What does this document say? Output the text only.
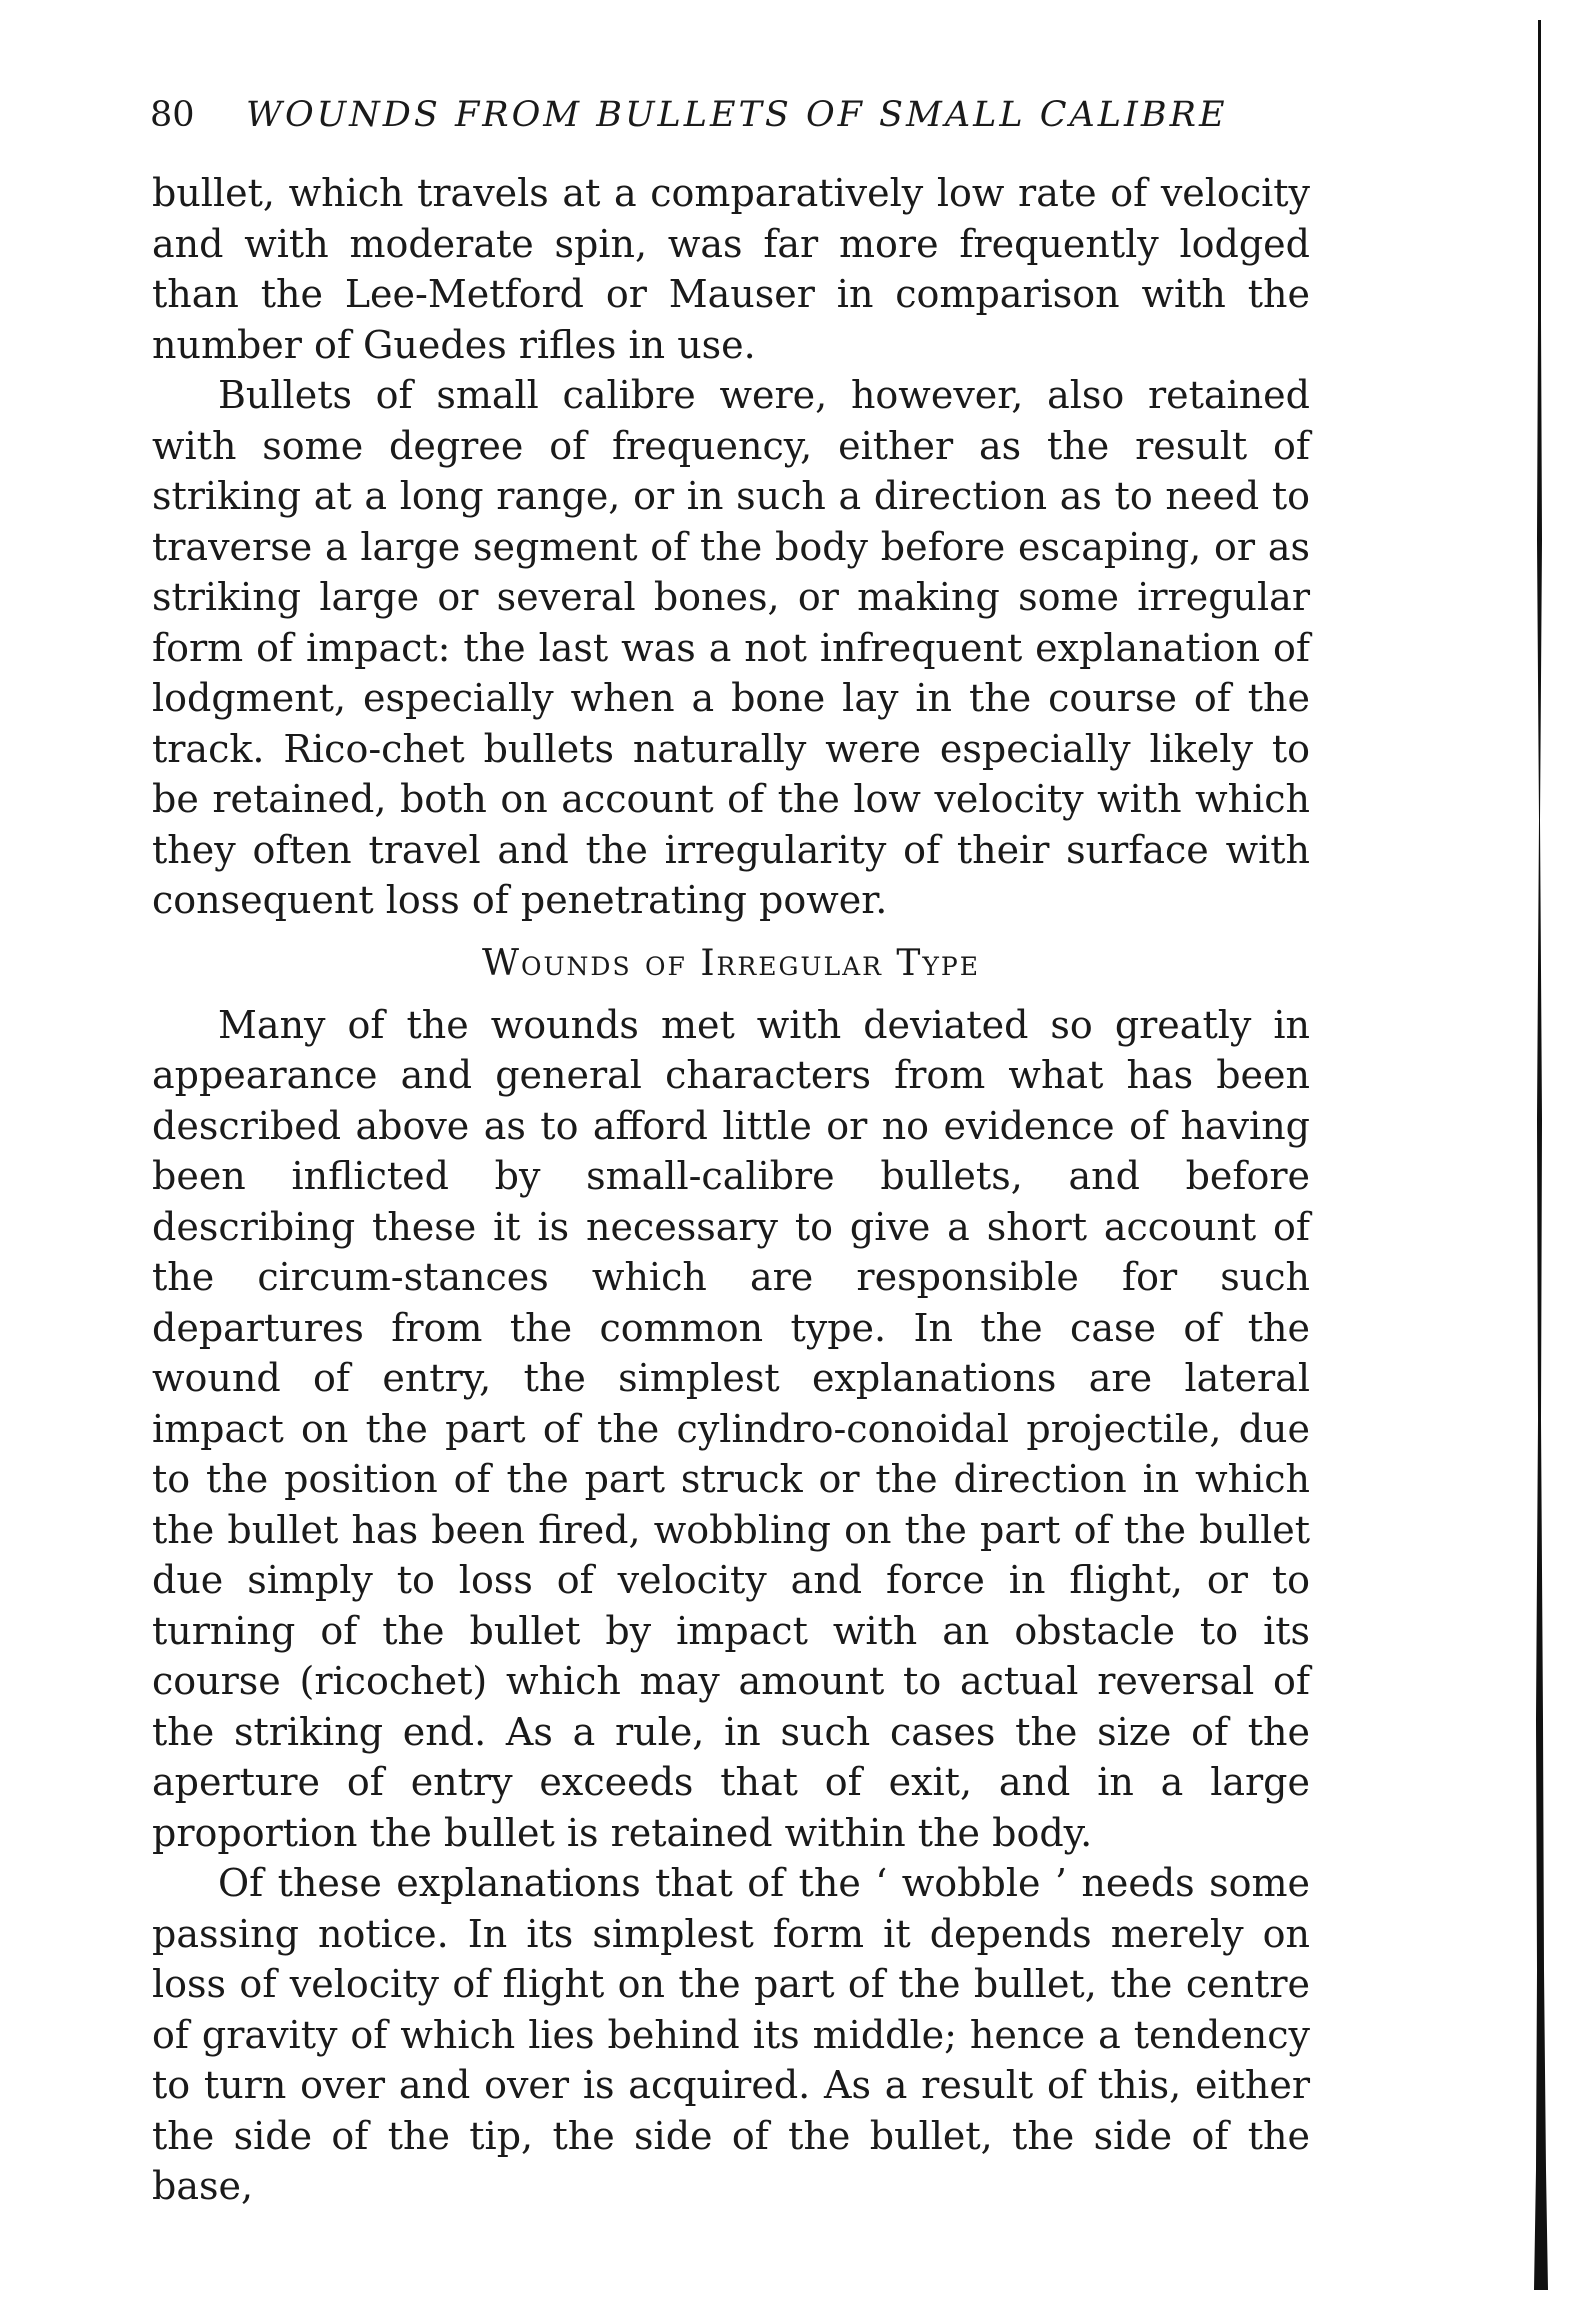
80 WOUNDS FROM BULLETS OF SMALL CALIBRE

bullet, which travels at a comparatively low rate of velocity and with moderate spin, was far more frequently lodged than the Lee-Metford or Mauser in comparison with the number of Guedes rifles in use.

Bullets of small calibre were, however, also retained with some degree of frequency, either as the result of striking at a long range, or in such a direction as to need to traverse a large segment of the body before escaping, or as striking large or several bones, or making some irregular form of impact: the last was a not infrequent explanation of lodgment, especially when a bone lay in the course of the track. Rico-chet bullets naturally were especially likely to be retained, both on account of the low velocity with which they often travel and the irregularity of their surface with consequent loss of penetrating power.

Wounds of Irregular Type

Many of the wounds met with deviated so greatly in appearance and general characters from what has been described above as to afford little or no evidence of having been inflicted by small-calibre bullets, and before describing these it is necessary to give a short account of the circum-stances which are responsible for such departures from the common type. In the case of the wound of entry, the simplest explanations are lateral impact on the part of the cylindro-conoidal projectile, due to the position of the part struck or the direction in which the bullet has been fired, wobbling on the part of the bullet due simply to loss of velocity and force in flight, or to turning of the bullet by impact with an obstacle to its course (ricochet) which may amount to actual reversal of the striking end. As a rule, in such cases the size of the aperture of entry exceeds that of exit, and in a large proportion the bullet is retained within the body.

Of these explanations that of the ‘ wobble ’ needs some passing notice. In its simplest form it depends merely on loss of velocity of flight on the part of the bullet, the centre of gravity of which lies behind its middle; hence a tendency to turn over and over is acquired. As a result of this, either the side of the tip, the side of the bullet, the side of the base,
